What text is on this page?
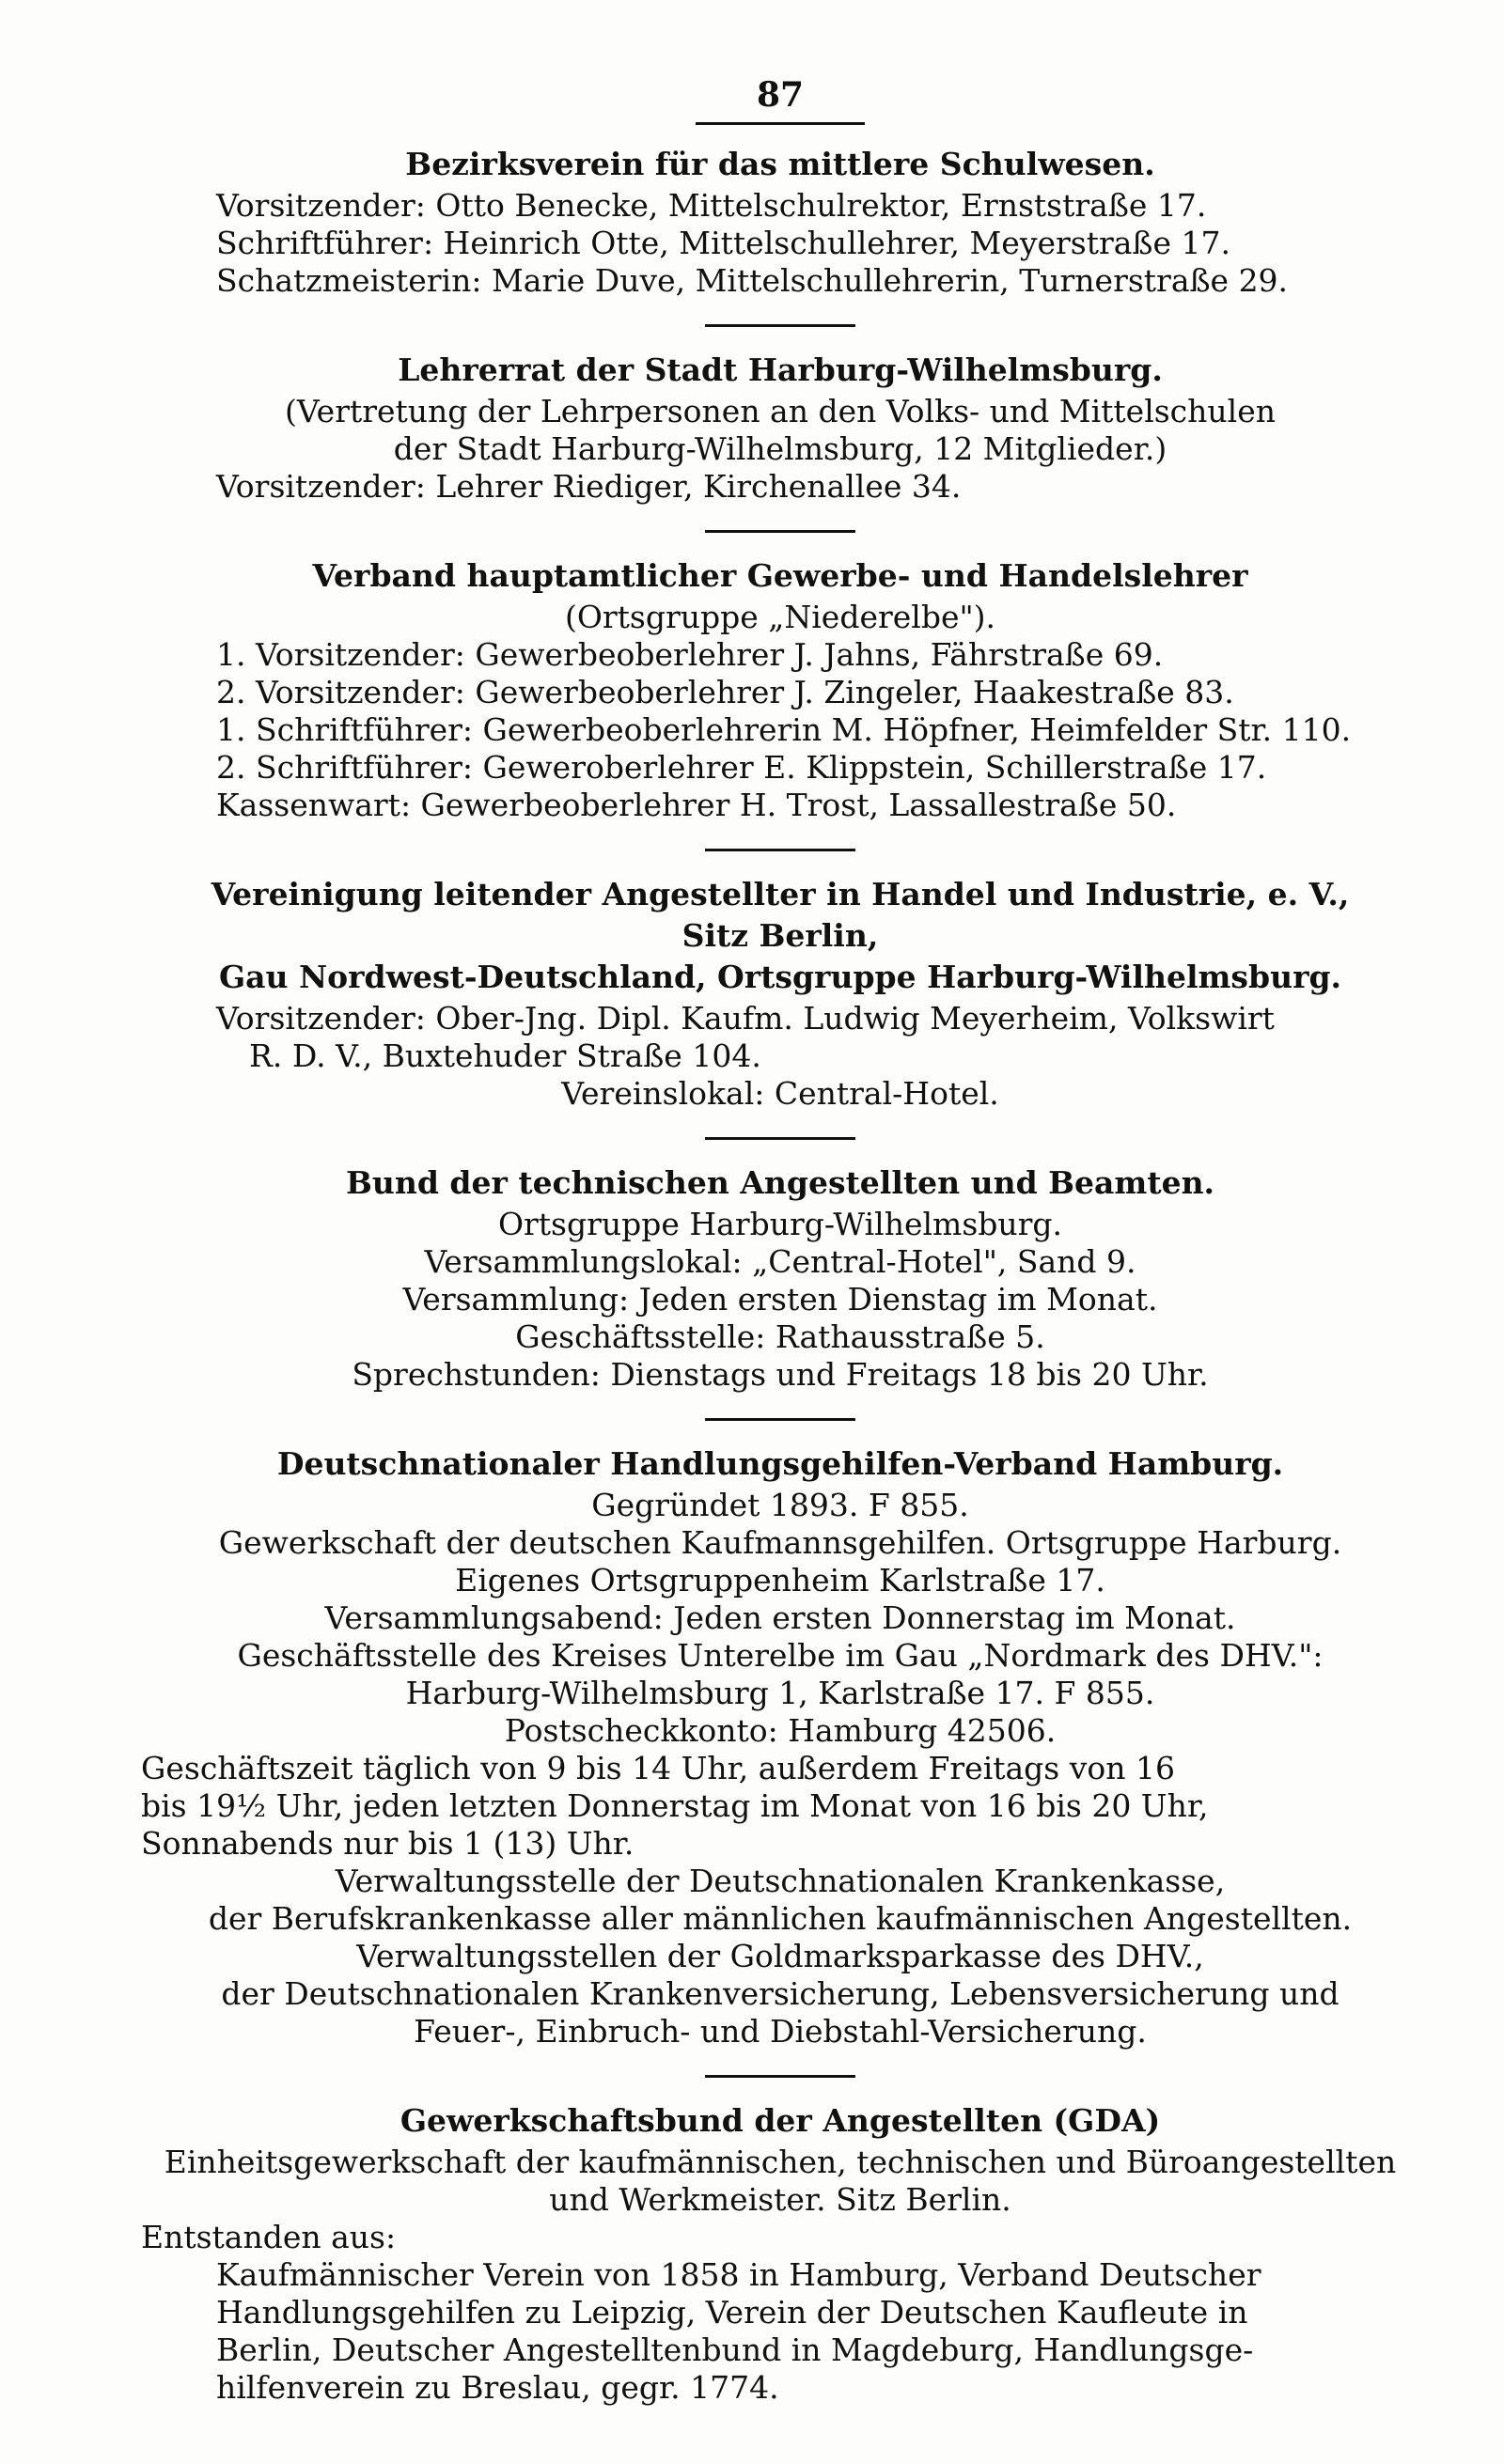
87
Bezirksverein für das mittlere Schulwesen.
Vorsitzender: Otto Benecke, Mittelschulrektor, Ernststraße 17.
Schriftführer: Heinrich Otte, Mittelschullehrer, Meyerstraße 17.
Schatzmeisterin: Marie Duve, Mittelschullehrerin, Turnerstraße 29.
Lehrerrat der Stadt Harburg-Wilhelmsburg.
(Vertretung der Lehrpersonen an den Volks- und Mittelschulen
der Stadt Harburg-Wilhelmsburg, 12 Mitglieder.)
Vorsitzender: Lehrer Riediger, Kirchenallee 34.
Verband hauptamtlicher Gewerbe- und Handelslehrer
(Ortsgruppe „Niederelbe").
1. Vorsitzender: Gewerbeoberlehrer J. Jahns, Fährstraße 69.
2. Vorsitzender: Gewerbeoberlehrer J. Zingeler, Haakestraße 83.
1. Schriftführer: Gewerbeoberlehrerin M. Höpfner, Heimfelder Str. 110.
2. Schriftführer: Geweroberlehrer E. Klippstein, Schillerstraße 17.
Kassenwart: Gewerbeoberlehrer H. Trost, Lassallestraße 50.
Vereinigung leitender Angestellter in Handel und Industrie, e. V.,
Sitz Berlin,
Gau Nordwest-Deutschland, Ortsgruppe Harburg-Wilhelmsburg.
Vorsitzender: Ober-Jng. Dipl. Kaufm. Ludwig Meyerheim, Volkswirt
R. D. V., Buxtehuder Straße 104.
Vereinslokal: Central-Hotel.
Bund der technischen Angestellten und Beamten.
Ortsgruppe Harburg-Wilhelmsburg.
Versammlungslokal: „Central-Hotel", Sand 9.
Versammlung: Jeden ersten Dienstag im Monat.
Geschäftsstelle: Rathausstraße 5.
Sprechstunden: Dienstags und Freitags 18 bis 20 Uhr.
Deutschnationaler Handlungsgehilfen-Verband Hamburg.
Gegründet 1893. F 855.
Gewerkschaft der deutschen Kaufmannsgehilfen. Ortsgruppe Harburg.
Eigenes Ortsgruppenheim Karlstraße 17.
Versammlungsabend: Jeden ersten Donnerstag im Monat.
Geschäftsstelle des Kreises Unterelbe im Gau „Nordmark des DHV.":
Harburg-Wilhelmsburg 1, Karlstraße 17. F 855.
Postscheckkonto: Hamburg 42506.
Geschäftszeit täglich von 9 bis 14 Uhr, außerdem Freitags von 16
bis 19½ Uhr, jeden letzten Donnerstag im Monat von 16 bis 20 Uhr,
Sonnabends nur bis 1 (13) Uhr.
Verwaltungsstelle der Deutschnationalen Krankenkasse,
der Berufskrankenkasse aller männlichen kaufmännischen Angestellten.
Verwaltungsstellen der Goldmarksparkasse des DHV.,
der Deutschnationalen Krankenversicherung, Lebensversicherung und
Feuer-, Einbruch- und Diebstahl-Versicherung.
Gewerkschaftsbund der Angestellten (GDA)
Einheitsgewerkschaft der kaufmännischen, technischen und Büroangestellten
und Werkmeister. Sitz Berlin.
Entstanden aus:
Kaufmännischer Verein von 1858 in Hamburg, Verband Deutscher
Handlungsgehilfen zu Leipzig, Verein der Deutschen Kaufleute in
Berlin, Deutscher Angestelltenbund in Magdeburg, Handlungsge-
hilfenverein zu Breslau, gegr. 1774.
